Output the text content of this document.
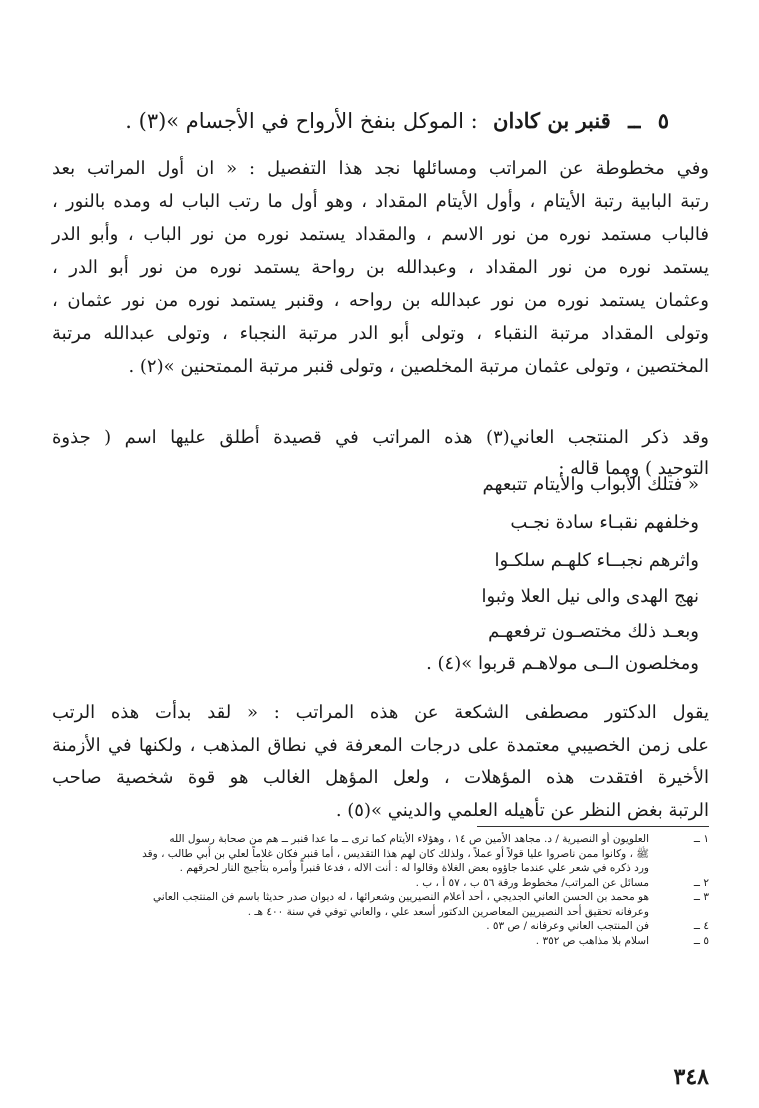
٥ ــ قنبر بن كادان : الموكل بنفخ الأرواح في الأجسام »(٣) .
وفي مخطوطة عن المراتب ومسائلها نجد هذا التفصيل : « ان أول المراتب بعد
رتبة البابية رتبة الأيتام ، وأول الأيتام المقداد ، وهو أول ما رتب الباب له ومده بالنور ،
فالباب مستمد نوره من نور الاسم ، والمقداد يستمد نوره من نور الباب ، وأبو الدر
يستمد نوره من نور المقداد ، وعبدالله بن رواحة يستمد نوره من نور أبو الدر ،
وعثمان يستمد نوره من نور عبدالله بن رواحه ، وقنبر يستمد نوره من نور عثمان ،
وتولى المقداد مرتبة النقباء ، وتولى أبو الدر مرتبة النجباء ، وتولى عبدالله مرتبة
المختصين ، وتولى عثمان مرتبة المخلصين ، وتولى قنبر مرتبة الممتحنين »(٢) .
وقد ذكر المنتجب العاني(٣) هذه المراتب في قصيدة أطلق عليها اسم ( جذوة
التوحيد ) ومما قاله :
« فتلك الأبواب والأيتام تتبعهم
وخلفهم نقبـاء سادة نجـب
واثرهم نجبــاء كلهـم سلكـوا
نهج الهدى والى نيل العلا وثبوا
وبعـد ذلك مختصـون ترفعهـم
ومخلصون الــى مولاهـم قربوا »(٤) .
يقول الدكتور مصطفى الشكعة عن هذه المراتب : « لقد بدأت هذه الرتب
على زمن الخصيبي معتمدة على درجات المعرفة في نطاق المذهب ، ولكنها في الأزمنة
الأخيرة افتقدت هذه المؤهلات ، ولعل المؤهل الغالب هو قوة شخصية صاحب
الرتبة بغض النظر عن تأهيله العلمي والديني »(٥) .
١ ــ
العلويون أو النصيرية / د. مجاهد الأمين ص ١٤ ، وهؤلاء الأيتام كما ترى ــ ما عدا قنبر ــ هم من صحابة رسول الله
ﷺ ، وكانوا ممن ناصروا عليا قولاً أو عملاً ، ولذلك كان لهم هذا التقديس ، أما قنبر فكان غلاماً لعلي بن أبي طالب ، وقد
ورد ذكره في شعر علي عندما جاؤوه بعض الغلاة وقالوا له : أنت الاله ، فدعا قنبراً وأمره بتأجيج النار لحرقهم .
٢ ــ
مسائل عن المراتب/ مخطوط ورقة ٥٦ ب ، ٥٧ أ ، ب .
٣ ــ
هو محمد بن الحسن العاني الجديجي ، أحد أعلام النصيريين وشعرائها ، له ديوان صدر حديثا باسم فن المنتجب العاني
وعرفانه تحقيق أحد النصيريين المعاصرين الدكتور أسعد علي ، والعاني توفي في سنة ٤٠٠ هـ .
٤ ــ
فن المنتجب العاني وعرفانه / ص ٥٣ .
٥ ــ
اسلام بلا مذاهب ص ٣٥٢ .
٣٤٨
